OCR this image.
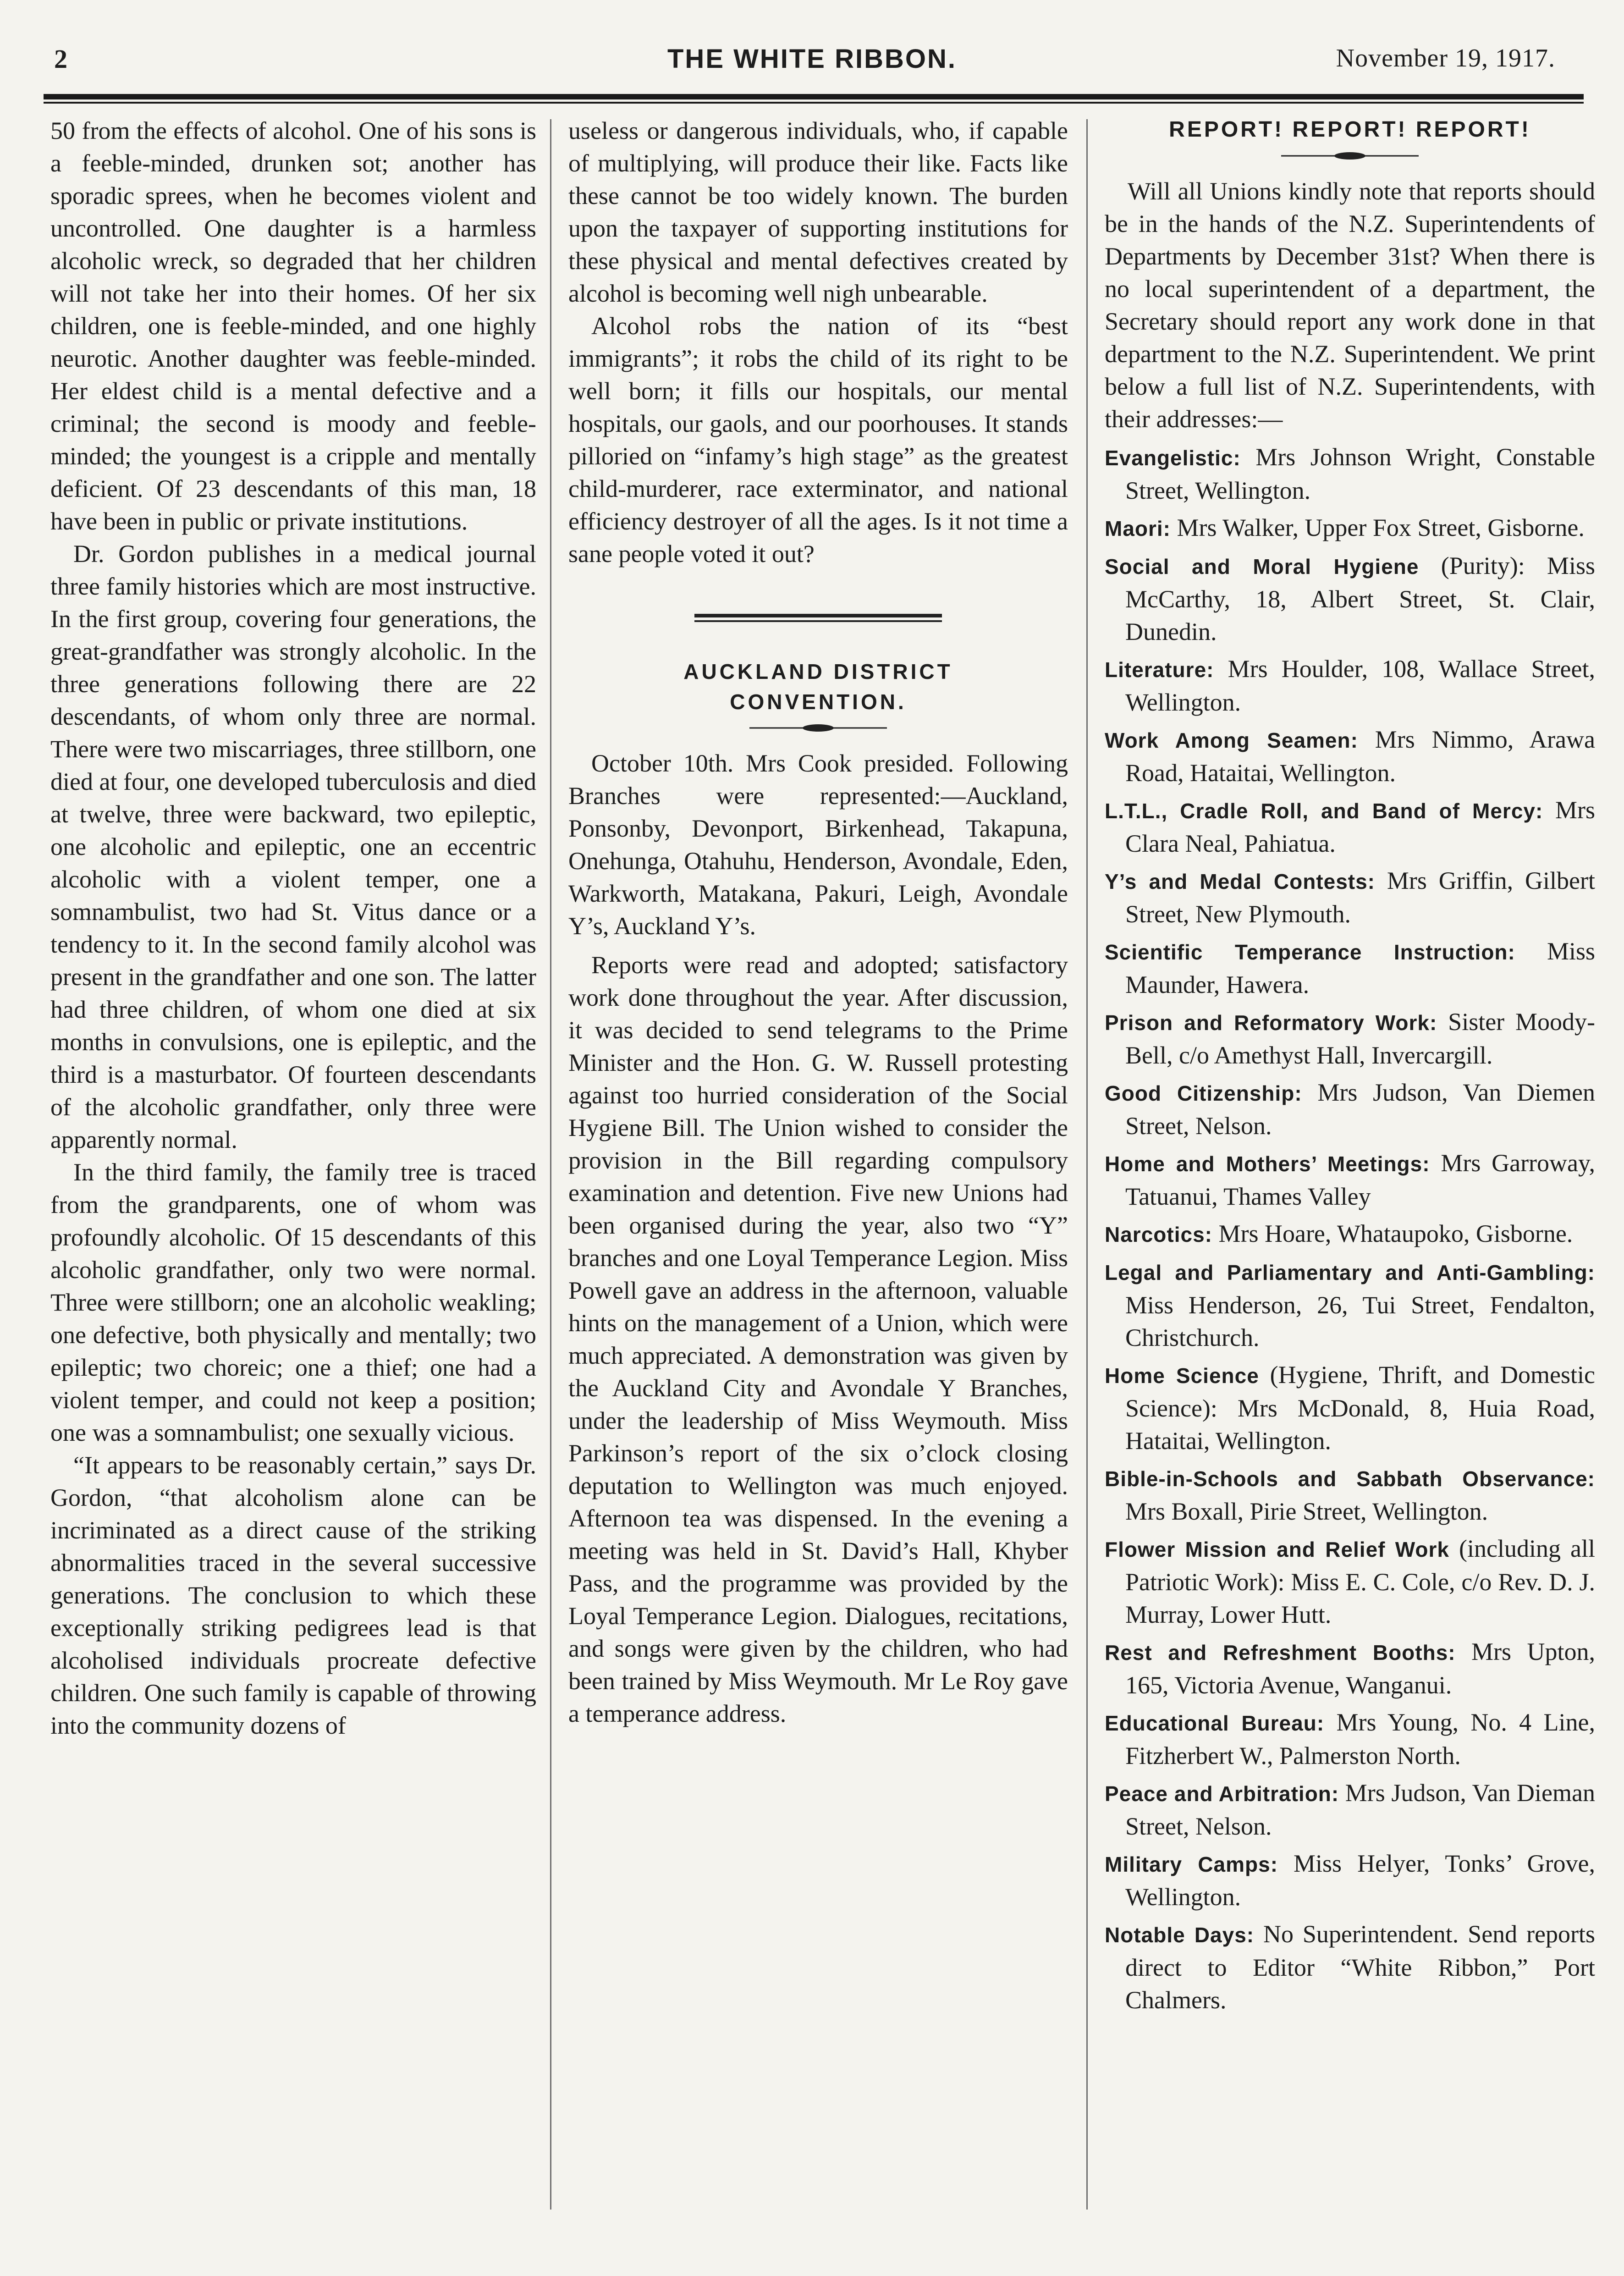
2	THE WHITE RIBBON.	November 19, 1917.

50 from the effects of alcohol. One of his sons is a feeble-minded, drunken sot; another has sporadic sprees, when he becomes violent and uncontrolled. One daughter is a harmless alcoholic wreck, so degraded that her children will not take her into their homes. Of her six children, one is feeble-minded, and one highly neurotic. Another daughter was feeble-minded. Her eldest child is a mental defective and a criminal; the second is moody and feeble-minded; the youngest is a cripple and mentally deficient. Of 23 descendants of this man, 18 have been in public or private institutions.

Dr. Gordon publishes in a medical journal three family histories which are most instructive. In the first group, covering four generations, the great-grandfather was strongly alcoholic. In the three generations following there are 22 descendants, of whom only three are normal. There were two miscarriages, three stillborn, one died at four, one developed tuberculosis and died at twelve, three were backward, two epileptic, one alcoholic and epileptic, one an eccentric alcoholic with a violent temper, one a somnambulist, two had St. Vitus dance or a tendency to it. In the second family alcohol was present in the grandfather and one son. The latter had three children, of whom one died at six months in convulsions, one is epileptic, and the third is a masturbator. Of fourteen descendants of the alcoholic grandfather, only three were apparently normal.

In the third family, the family tree is traced from the grandparents, one of whom was profoundly alcoholic. Of 15 descendants of this alcoholic grandfather, only two were normal. Three were stillborn; one an alcoholic weakling; one defective, both physically and mentally; two epileptic; two choreic; one a thief; one had a violent temper, and could not keep a position; one was a somnambulist; one sexually vicious.

“It appears to be reasonably certain,” says Dr. Gordon, “that alcoholism alone can be incriminated as a direct cause of the striking abnormalities traced in the several successive generations. The conclusion to which these exceptionally striking pedigrees lead is that alcoholised individuals procreate defective children. One such family is capable of throwing into the community dozens of

useless or dangerous individuals, who, if capable of multiplying, will produce their like. Facts like these cannot be too widely known. The burden upon the taxpayer of supporting institutions for these physical and mental defectives created by alcohol is becoming well nigh unbearable.

Alcohol robs the nation of its “best immigrants”; it robs the child of its right to be well born; it fills our hospitals, our mental hospitals, our gaols, and our poorhouses. It stands pilloried on “infamy’s high stage” as the greatest child-murderer, race exterminator, and national efficiency destroyer of all the ages. Is it not time a sane people voted it out?

AUCKLAND DISTRICT CONVENTION.

October 10th. Mrs Cook presided. Following Branches were represented:—Auckland, Ponsonby, Devonport, Birkenhead, Takapuna, Onehunga, Otahuhu, Henderson, Avondale, Eden, Warkworth, Matakana, Pakuri, Leigh, Avondale Y’s, Auckland Y’s.

Reports were read and adopted; satisfactory work done throughout the year. After discussion, it was decided to send telegrams to the Prime Minister and the Hon. G. W. Russell protesting against too hurried consideration of the Social Hygiene Bill. The Union wished to consider the provision in the Bill regarding compulsory examination and detention. Five new Unions had been organised during the year, also two “Y” branches and one Loyal Temperance Legion. Miss Powell gave an address in the afternoon, valuable hints on the management of a Union, which were much appreciated. A demonstration was given by the Auckland City and Avondale Y Branches, under the leadership of Miss Weymouth. Miss Parkinson’s report of the six o’clock closing deputation to Wellington was much enjoyed. Afternoon tea was dispensed. In the evening a meeting was held in St. David’s Hall, Khyber Pass, and the programme was provided by the Loyal Temperance Legion. Dialogues, recitations, and songs were given by the children, who had been trained by Miss Weymouth. Mr Le Roy gave a temperance address.

REPORT! REPORT! REPORT!

Will all Unions kindly note that reports should be in the hands of the N.Z. Superintendents of Departments by December 31st? When there is no local superintendent of a department, the Secretary should report any work done in that department to the N.Z. Superintendent. We print below a full list of N.Z. Superintendents, with their addresses:—

Evangelistic: Mrs Johnson Wright, Constable Street, Wellington.

Maori: Mrs Walker, Upper Fox Street, Gisborne.

Social and Moral Hygiene (Purity): Miss McCarthy, 18, Albert Street, St. Clair, Dunedin.

Literature: Mrs Houlder, 108, Wallace Street, Wellington.

Work Among Seamen: Mrs Nimmo, Arawa Road, Hataitai, Wellington.

L.T.L., Cradle Roll, and Band of Mercy: Mrs Clara Neal, Pahiatua.

Y’s and Medal Contests: Mrs Griffin, Gilbert Street, New Plymouth.

Scientific Temperance Instruction: Miss Maunder, Hawera.

Prison and Reformatory Work: Sister Moody-Bell, c/o Amethyst Hall, Invercargill.

Good Citizenship: Mrs Judson, Van Diemen Street, Nelson.

Home and Mothers’ Meetings: Mrs Garroway, Tatuanui, Thames Valley

Narcotics: Mrs Hoare, Whataupoko, Gisborne.

Legal and Parliamentary and Anti-Gambling: Miss Henderson, 26, Tui Street, Fendalton, Christchurch.

Home Science (Hygiene, Thrift, and Domestic Science): Mrs McDonald, 8, Huia Road, Hataitai, Wellington.

Bible-in-Schools and Sabbath Observance: Mrs Boxall, Pirie Street, Wellington.

Flower Mission and Relief Work (including all Patriotic Work): Miss E. C. Cole, c/o Rev. D. J. Murray, Lower Hutt.

Rest and Refreshment Booths: Mrs Upton, 165, Victoria Avenue, Wanganui.

Educational Bureau: Mrs Young, No. 4 Line, Fitzherbert W., Palmerston North.

Peace and Arbitration: Mrs Judson, Van Dieman Street, Nelson.

Military Camps: Miss Helyer, Tonks’ Grove, Wellington.

Notable Days: No Superintendent. Send reports direct to Editor “White Ribbon,” Port Chalmers.
